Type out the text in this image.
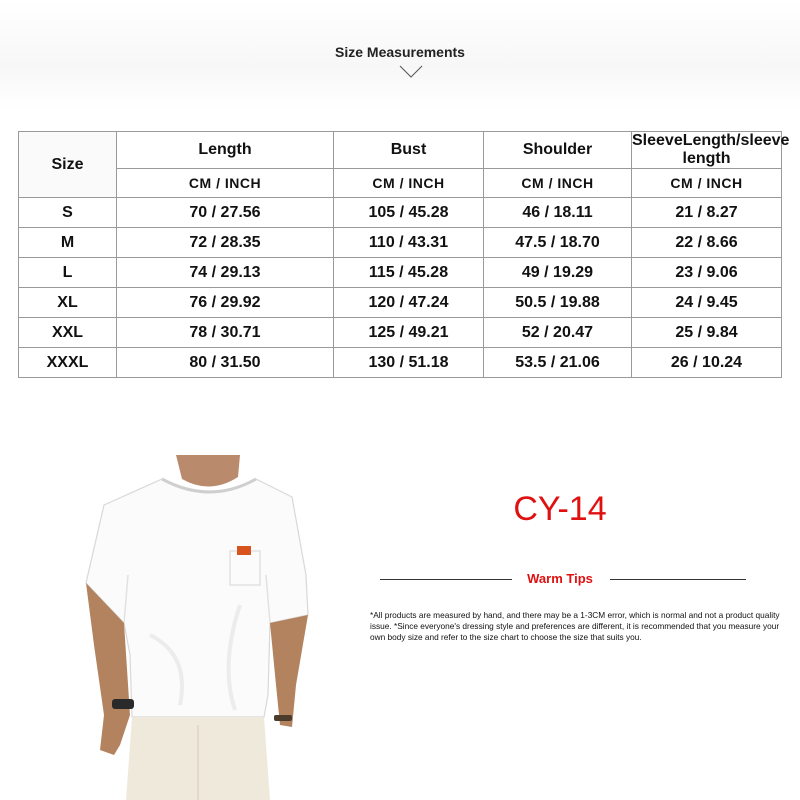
Size Measurements
Size	Length	Bust	Shoulder	SleeveLength/sleeve length
	CM / INCH	CM / INCH	CM / INCH	CM / INCH
S	70 / 27.56	105 / 45.28	46 / 18.11	21 / 8.27
M	72 / 28.35	110 / 43.31	47.5 / 18.70	22 / 8.66
L	74 / 29.13	115 / 45.28	49 / 19.29	23 / 9.06
XL	76 / 29.92	120 / 47.24	50.5 / 19.88	24 / 9.45
XXL	78 / 30.71	125 / 49.21	52 / 20.47	25 / 9.84
XXXL	80 / 31.50	130 / 51.18	53.5 / 21.06	26 / 10.24
CY-14
Warm Tips
*All products are measured by hand, and there may be a 1-3CM error, which is normal and not a product quality issue. *Since everyone's dressing style and preferences are different, it is recommended that you measure your own body size and refer to the size chart to choose the size that suits you.
